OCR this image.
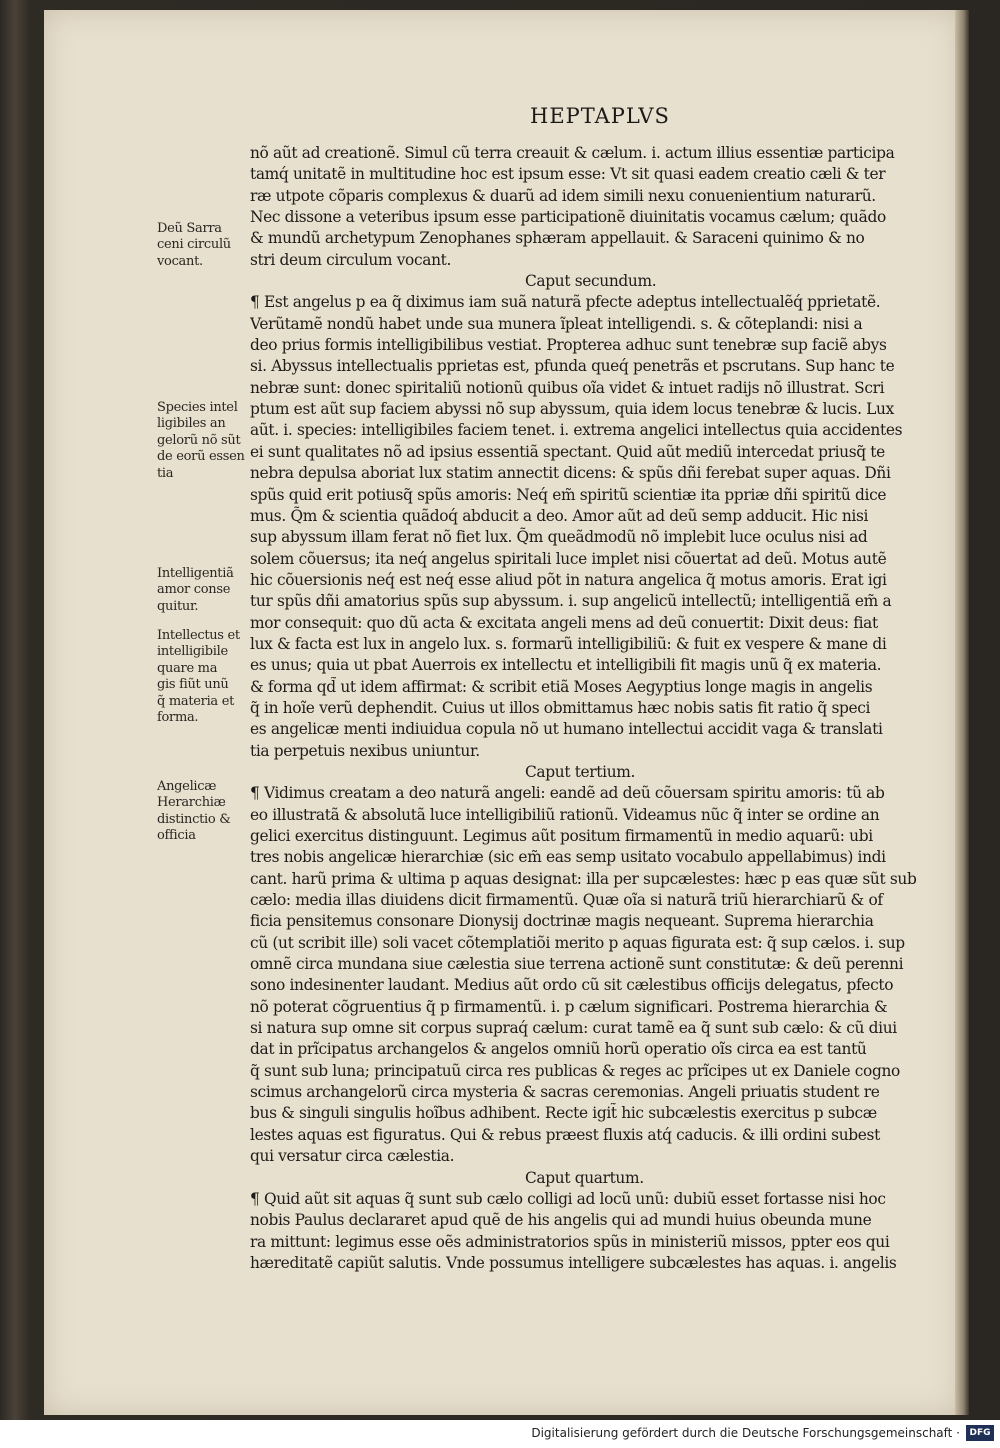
HEPTAPLVS
nõ aũt ad creationẽ. Simul cũ terra creauit & cælum. i. actum illius essentiæ participa
tamq́ unitatẽ in multitudine hoc est ipsum esse: Vt sit quasi eadem creatio cæli & ter
ræ utpote cõparis complexus & duarũ ad idem simili nexu conuenientium naturarũ.
Nec dissone a veteribus ipsum esse participationẽ diuinitatis vocamus cælum; quãdo
& mundũ archetypum Zenophanes sphæram appellauit. & Saraceni quinimo & no
stri deum circulum vocant.
Caput secundum.
¶ Est angelus p ea q̃ diximus iam suã naturã pfecte adeptus intellectualẽq́ pprietatẽ.
Verũtamẽ nondũ habet unde sua munera ĩpleat intelligendi. s. & cõteplandi: nisi a
deo prius formis intelligibilibus vestiat. Propterea adhuc sunt tenebræ sup faciẽ abys
si. Abyssus intellectualis pprietas est, pfunda queq́ penetrãs et pscrutans. Sup hanc te
nebræ sunt: donec spiritaliũ notionũ quibus oĩa videt & intuet radijs nõ illustrat. Scri
ptum est aũt sup faciem abyssi nõ sup abyssum, quia idem locus tenebræ & lucis. Lux
aũt. i. species: intelligibiles faciem tenet. i. extrema angelici intellectus quia accidentes
ei sunt qualitates nõ ad ipsius essentiã spectant. Quid aũt mediũ intercedat priusq̃ te
nebra depulsa aboriat lux statim annectit dicens: & spũs dñi ferebat super aquas. Dñi
spũs quid erit potiusq̃ spũs amoris: Neq́ em̃ spiritũ scientiæ ita ppriæ dñi spiritũ dice
mus. Q̃m & scientia quãdoq́ abducit a deo. Amor aũt ad deũ semp adducit. Hic nisi
sup abyssum illam ferat nõ fiet lux. Q̃m queãdmodũ nõ implebit luce oculus nisi ad
solem cõuersus; ita neq́ angelus spiritali luce implet nisi cõuertat ad deũ. Motus autẽ
hic cõuersionis neq́ est neq́ esse aliud põt in natura angelica q̃ motus amoris. Erat igi
tur spũs dñi amatorius spũs sup abyssum. i. sup angelicũ intellectũ; intelligentiã em̃ a
mor consequit: quo dũ acta & excitata angeli mens ad deũ conuertit: Dixit deus: fiat
lux & facta est lux in angelo lux. s. formarũ intelligibiliũ: & fuit ex vespere & mane di
es unus; quia ut pbat Auerrois ex intellectu et intelligibili fit magis unũ q̃ ex materia.
& forma qd̃ ut idem affirmat: & scribit etiã Moses Aegyptius longe magis in angelis
q̃ in hoĩe verũ dephendit. Cuius ut illos obmittamus hæc nobis satis fit ratio q̃ speci
es angelicæ menti indiuidua copula nõ ut humano intellectui accidit vaga & translati
tia perpetuis nexibus uniuntur.
Caput tertium.
¶ Vidimus creatam a deo naturã angeli: eandẽ ad deũ cõuersam spiritu amoris: tũ ab
eo illustratã & absolutã luce intelligibiliũ rationũ. Videamus nũc q̃ inter se ordine an
gelici exercitus distinguunt. Legimus aũt positum firmamentũ in medio aquarũ: ubi
tres nobis angelicæ hierarchiæ (sic em̃ eas semp usitato vocabulo appellabimus) indi
cant. harũ prima & ultima p aquas designat: illa per supcælestes: hæc p eas quæ sũt sub
cælo: media illas diuidens dicit firmamentũ. Quæ oĩa si naturã triũ hierarchiarũ & of
ficia pensitemus consonare Dionysij doctrinæ magis nequeant. Suprema hierarchia
cũ (ut scribit ille) soli vacet cõtemplatiõi merito p aquas figurata est: q̃ sup cælos. i. sup
omnẽ circa mundana siue cælestia siue terrena actionẽ sunt constitutæ: & deũ perenni
sono indesinenter laudant. Medius aũt ordo cũ sit cælestibus officijs delegatus, pfecto
nõ poterat cõgruentius q̃ p firmamentũ. i. p cælum significari. Postrema hierarchia &
si natura sup omne sit corpus supraq́ cælum: curat tamẽ ea q̃ sunt sub cælo: & cũ diui
dat in prĩcipatus archangelos & angelos omniũ horũ operatio oĩs circa ea est tantũ
q̃ sunt sub luna; principatuũ circa res publicas & reges ac prĩcipes ut ex Daniele cogno
scimus archangelorũ circa mysteria & sacras ceremonias. Angeli priuatis student re
bus & singuli singulis hoĩbus adhibent. Recte igit̃ hic subcælestis exercitus p subcæ
lestes aquas est figuratus. Qui & rebus præest fluxis atq́ caducis. & illi ordini subest
qui versatur circa cælestia.
Caput quartum.
¶ Quid aũt sit aquas q̃ sunt sub cælo colligi ad locũ unũ: dubiũ esset fortasse nisi hoc
nobis Paulus declararet apud quẽ de his angelis qui ad mundi huius obeunda mune
ra mittunt: legimus esse oẽs administratorios spũs in ministeriũ missos, ppter eos qui
hæreditatẽ capiũt salutis. Vnde possumus intelligere subcælestes has aquas. i. angelis
Deũ Sarra
ceni circulũ
vocant.
Species intel
ligibiles an
gelorũ nõ sũt
de eorũ essen
tia
Intelligentiã
amor conse
quitur.
Intellectus et
intelligibile
quare ma
gis fiũt unũ
q̃ materia et
forma.
Angelicæ
Herarchiæ
distinctio &
officia
Digitalisierung gefördert durch die Deutsche Forschungsgemeinschaft ·	DFG
